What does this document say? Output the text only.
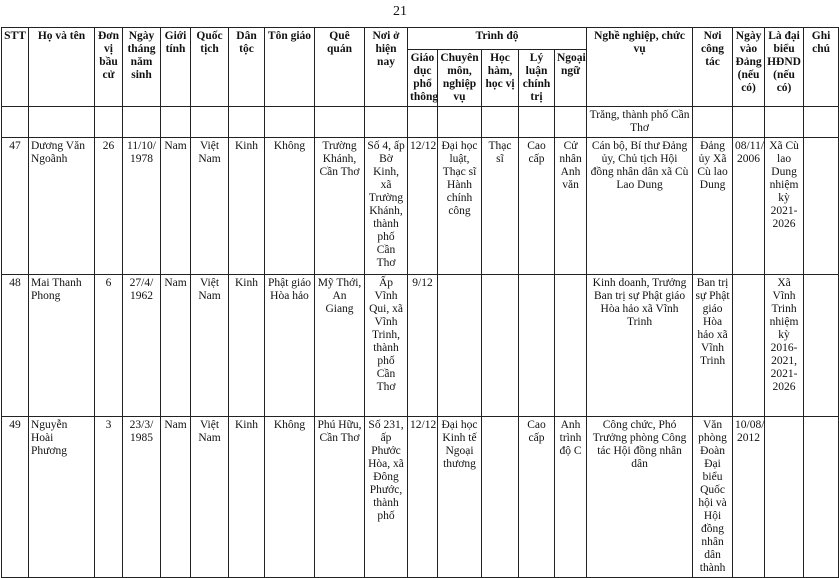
21
STT	Họ và tên	Đơn vị bầu cử	Ngày tháng năm sinh	Giới tính	Quốc tịch	Dân tộc	Tôn giáo	Quê quán	Nơi ở hiện nay	Trình độ					Nghề nghiệp, chức vụ	Nơi công tác	Ngày vào Đảng (nếu có)	Là đại biểu HĐND (nếu có)	Ghi chú
										Giáo dục phổ thông	Chuyên môn, nghiệp vụ	Học hàm, học vị	Lý luận chính trị	Ngoại ngữ					
															Trăng, thành phố Cần Thơ				
47	Dương Văn Ngoãnh	26	11/10/ 1978	Nam	Việt Nam	Kinh	Không	Trường Khánh, Cần Thơ	Số 4, ấp Bờ Kinh, xã Trường Khánh, thành phố Cần Thơ	12/12	Đại học luật, Thạc sĩ Hành chính công	Thạc sĩ	Cao cấp	Cử nhân Anh văn	Cán bộ, Bí thư Đảng ủy, Chủ tịch Hội đồng nhân dân xã Cù Lao Dung	Đảng ủy Xã Cù lao Dung	08/11/ 2006	Xã Cù lao Dung nhiệm kỳ 2021-2026	
48	Mai Thanh Phong	6	27/4/ 1962	Nam	Việt Nam	Kinh	Phật giáo Hòa hảo	Mỹ Thới, An Giang	Ấp Vĩnh Qui, xã Vĩnh Trinh, thành phố Cần Thơ	9/12					Kinh doanh, Trưởng Ban trị sự Phật giáo Hòa hảo xã Vĩnh Trinh	Ban trị sự Phật giáo Hòa hảo xã Vĩnh Trinh		Xã Vĩnh Trinh nhiệm kỳ 2016-2021, 2021-2026	
49	Nguyễn Hoài Phương	3	23/3/ 1985	Nam	Việt Nam	Kinh	Không	Phú Hữu, Cần Thơ	Số 231, ấp Phước Hòa, xã Đông Phước, thành phố	12/12	Đại học Kinh tế Ngoại thương		Cao cấp	Anh trình độ C	Công chức, Phó Trưởng phòng Công tác Hội đồng nhân dân	Văn phòng Đoàn Đại biểu Quốc hội và Hội đồng nhân dân thành	10/08/ 2012		
